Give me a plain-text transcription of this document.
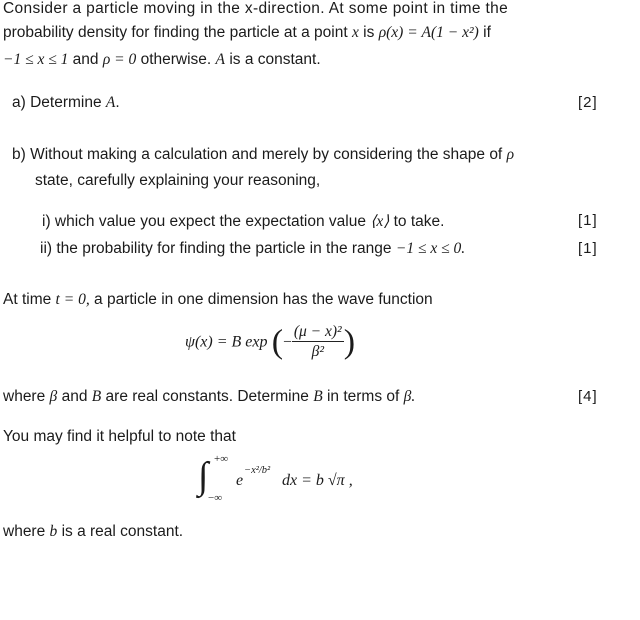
Consider a particle moving in the x-direction. At some point in time the
probability density for finding the particle at a point x is ρ(x) = A(1 − x²) if
−1 ≤ x ≤ 1 and ρ = 0 otherwise. A is a constant.
a) Determine A.	[2]
b) Without making a calculation and merely by considering the shape of ρ
state, carefully explaining your reasoning,
i) which value you expect the expectation value ⟨x⟩ to take.	[1]
ii) the probability for finding the particle in the range −1 ≤ x ≤ 0.	[1]
At time t = 0, a particle in one dimension has the wave function
ψ(x) = B exp (− $\frac{\text{(μ − x)²}}{\text{β²}}$ )
where β and B are real constants. Determine B in terms of β.	[4]
You may find it helpful to note that
∫ +∞
−∞
e
−x²/b²
dx = b √π ,
where b is a real constant.
